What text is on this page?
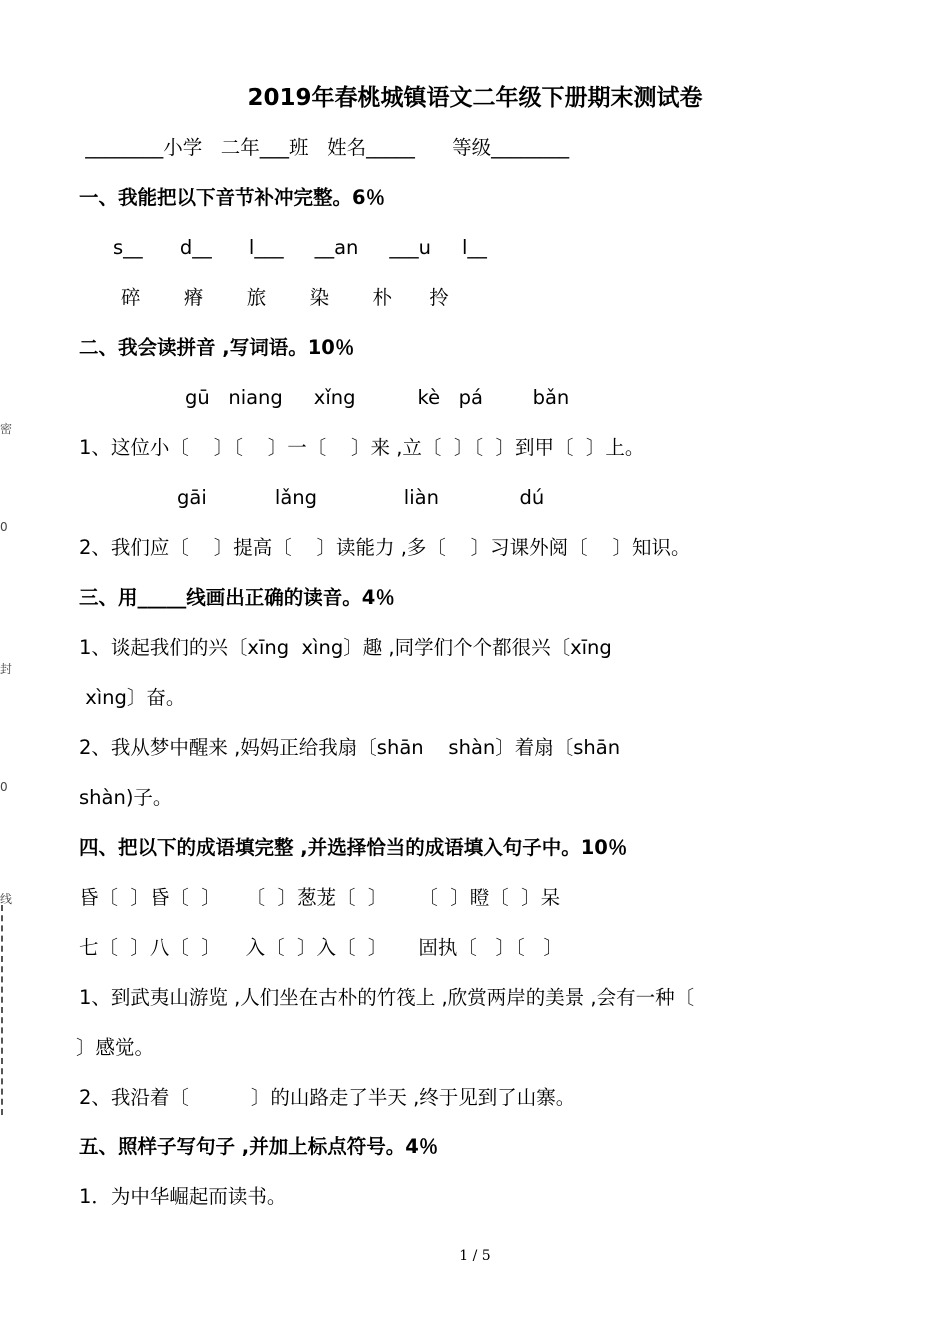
密
0
封
0
线
2019年春桃城镇语文二年级下册期末测试卷
________小学   二年___班   姓名_____      等级________
一、我能把以下音节补冲完整。6％
s__      d__      l___     __an     ___u     l__
碎       瘠       旅       染       朴      拎
二、我会读拼音 ,写词语。10％
gū   niang     xǐng          kè   pá        bǎn
1、这位小〔    〕〔    〕一〔    〕来 ,立〔  〕〔  〕到甲〔  〕上。
gāi           lǎng              liàn             dú
2、我们应〔    〕提高〔    〕读能力 ,多〔    〕习课外阅〔    〕知识。
三、用_____线画出正确的读音。4％
1、谈起我们的兴〔xīng  xìng〕趣 ,同学们个个都很兴〔xīng
xìng〕奋。
2、我从梦中醒来 ,妈妈正给我扇〔shān    shàn〕着扇〔shān
shàn)子。
四、把以下的成语填完整 ,并选择恰当的成语填入句子中。10％
昏〔  〕昏〔  〕    〔  〕葱茏〔  〕     〔  〕瞪〔  〕呆
七〔  〕八〔  〕    入〔  〕入〔  〕     固执〔   〕〔   〕
1、到武夷山游览 ,人们坐在古朴的竹筏上 ,欣赏两岸的美景 ,会有一种〔
〕感觉。
2、我沿着〔          〕的山路走了半天 ,终于见到了山寨。
五、照样子写句子 ,并加上标点符号。4％
1．为中华崛起而读书。
1 / 5
